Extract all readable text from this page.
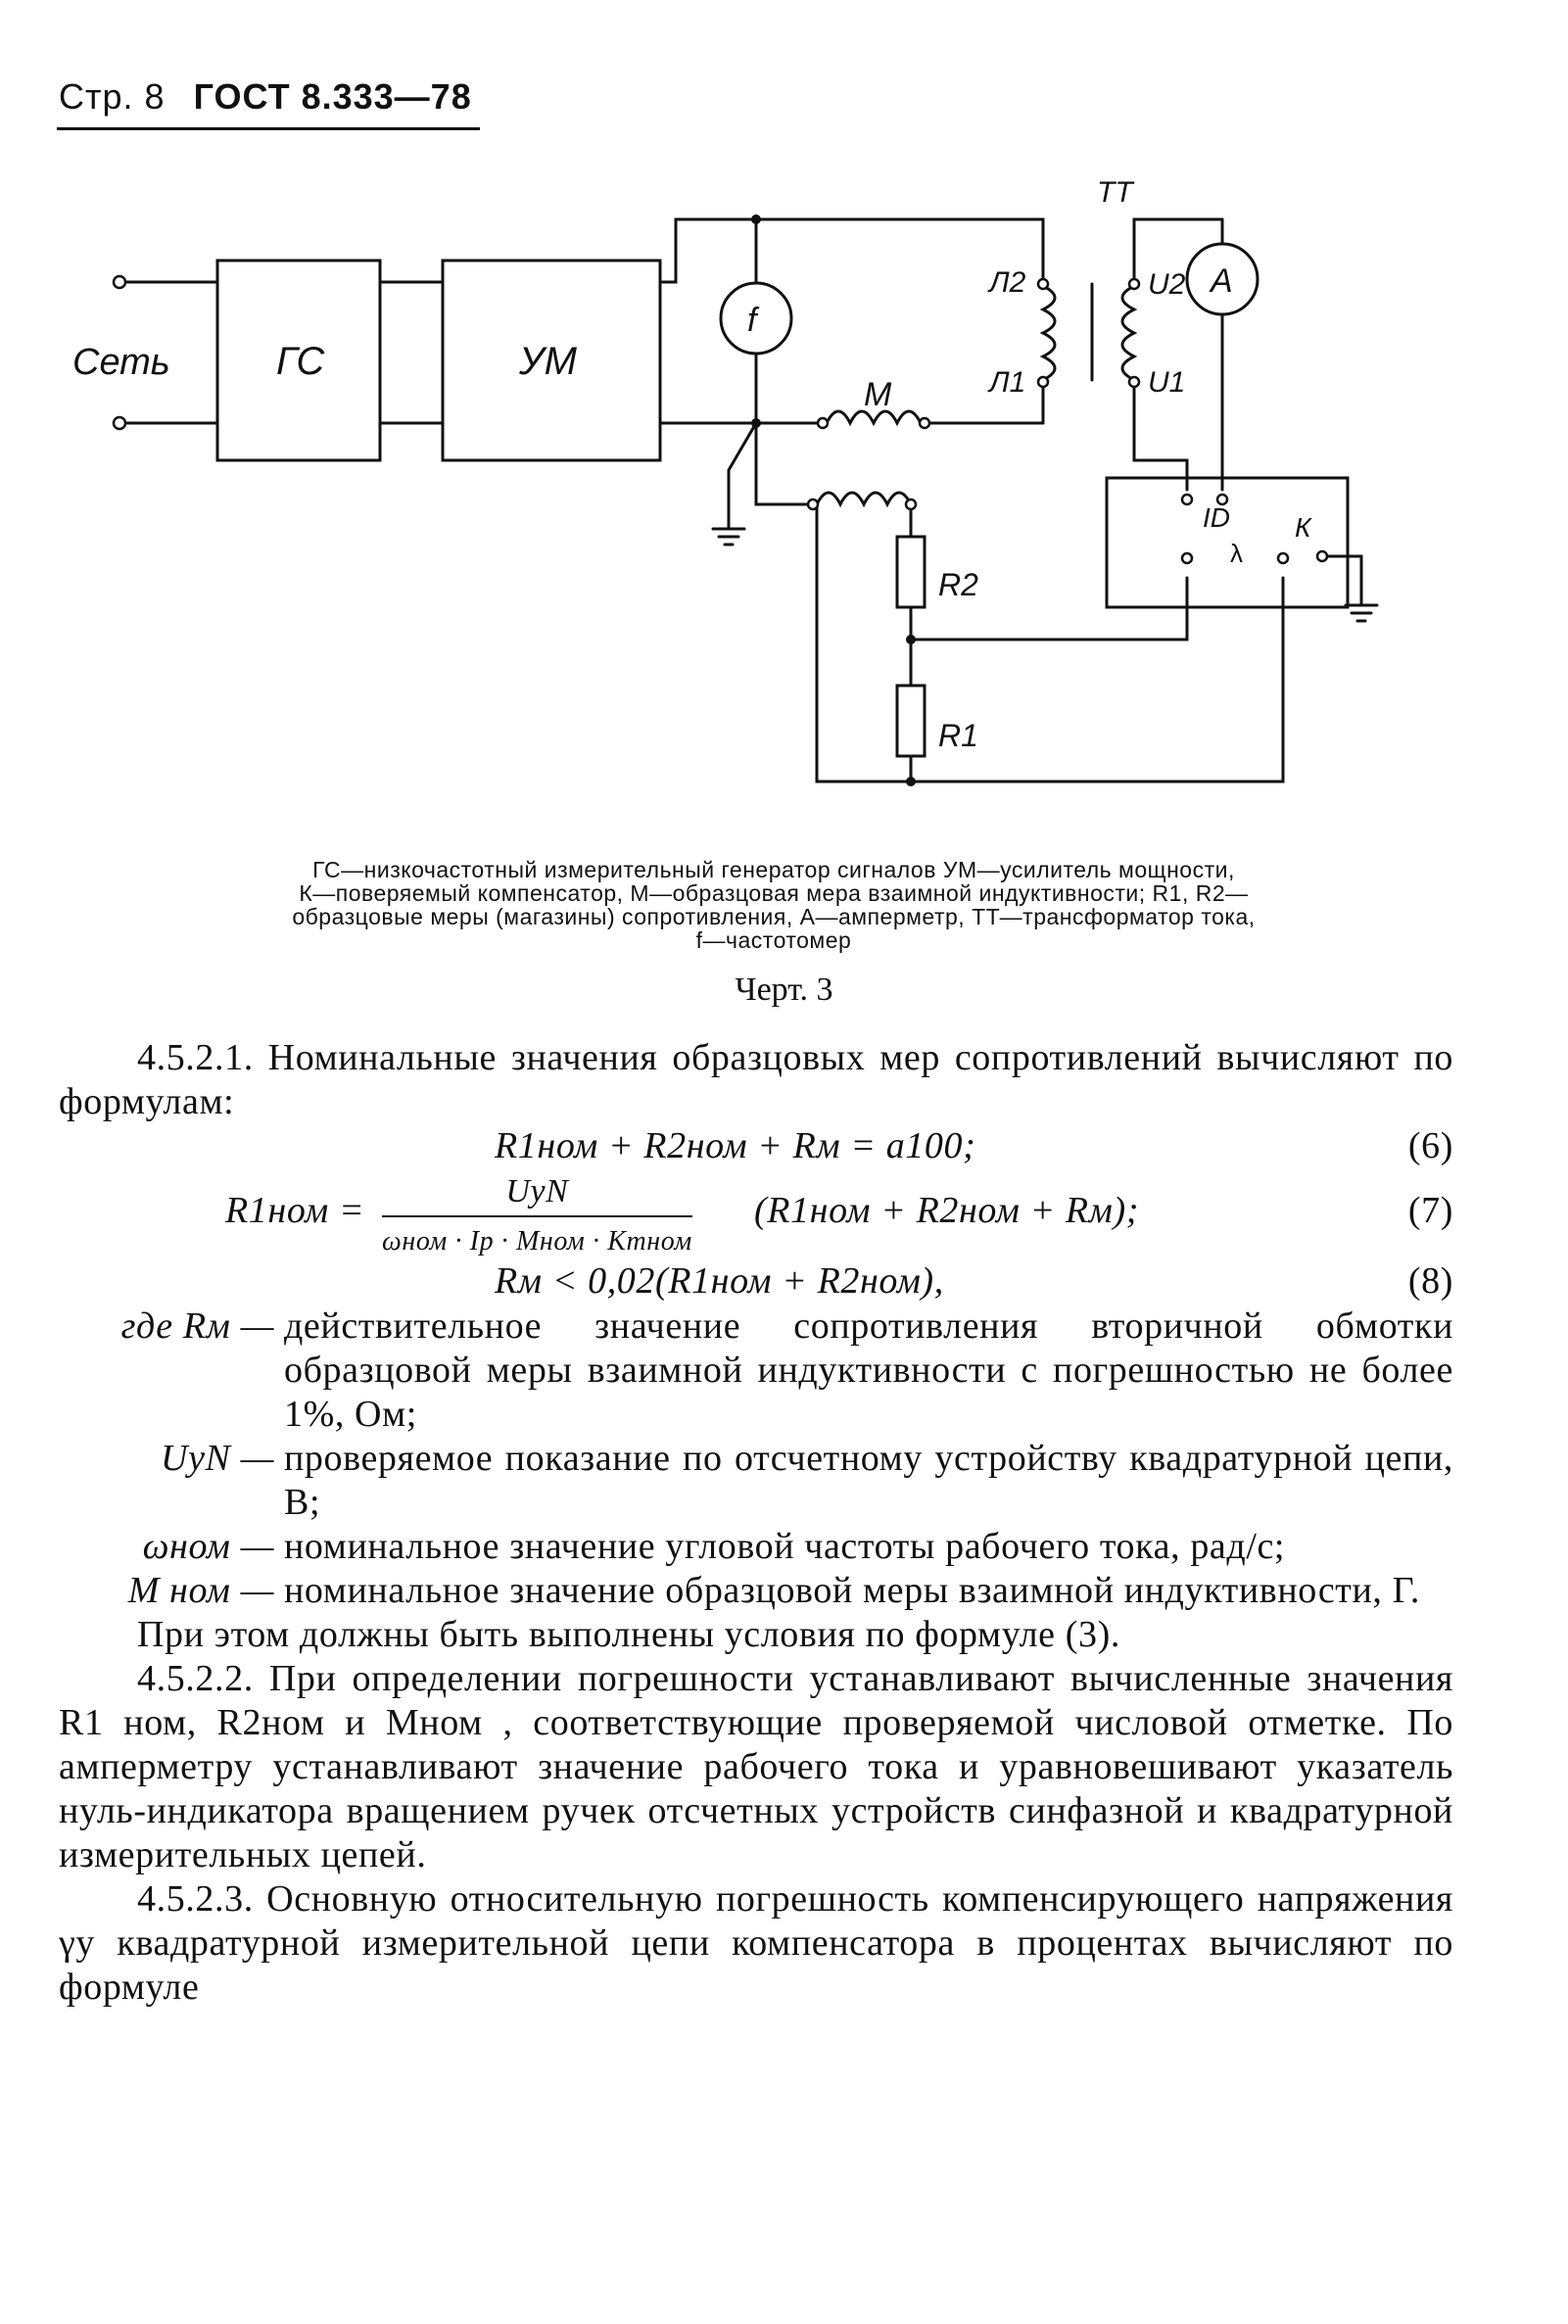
Стр. 8 ГОСТ 8.333—78
Сеть	ГС	УМ
f
A
M
Л2
Л1
U2
U1
ТТ
R2
R1
ID К
λ
ГС—низкочастотный измерительный генератор сигналов УМ—усилитель мощности,
К—поверяемый компенсатор, М—образцовая мера взаимной индуктивности; R1, R2—
образцовые меры (магазины) сопротивления, А—амперметр, ТТ—трансформатор тока,
f—частотомер
Черт. 3

4.5.2.1. Номинальные значения образцовых мер сопротивлений вычисляют по формулам:

R1ном + R2ном + Rм = a100;	(6)
$R1ном = \frac{\text{UyN}}{\text{ωном · Iр · Mном · Kтном}} (R1ном + R2ном + Rм)$;	(7)
Rм < 0,02(R1ном + R2ном),	(8)
где Rм — действительное значение сопротивления вторичной обмотки образцовой меры взаимной индуктивности с погрешностью не более 1%, Ом;
UyN — проверяемое показание по отсчетному устройству квадратурной цепи, В;
ωном — номинальное значение угловой частоты рабочего тока, рад/с;
M ном — номинальное значение образцовой меры взаимной индуктивности, Г.

При этом должны быть выполнены условия по формуле (3).

4.5.2.2. При определении погрешности устанавливают вычисленные значения R1 ном, R2ном и Mном , соответствующие проверяемой числовой отметке. По амперметру устанавливают значение рабочего тока и уравновешивают указатель нуль-индикатора вращением ручек отсчетных устройств синфазной и квадратурной измерительных цепей.

4.5.2.3. Основную относительную погрешность компенсирующего напряжения γу квадратурной измерительной цепи компенсатора в процентах вычисляют по формуле
